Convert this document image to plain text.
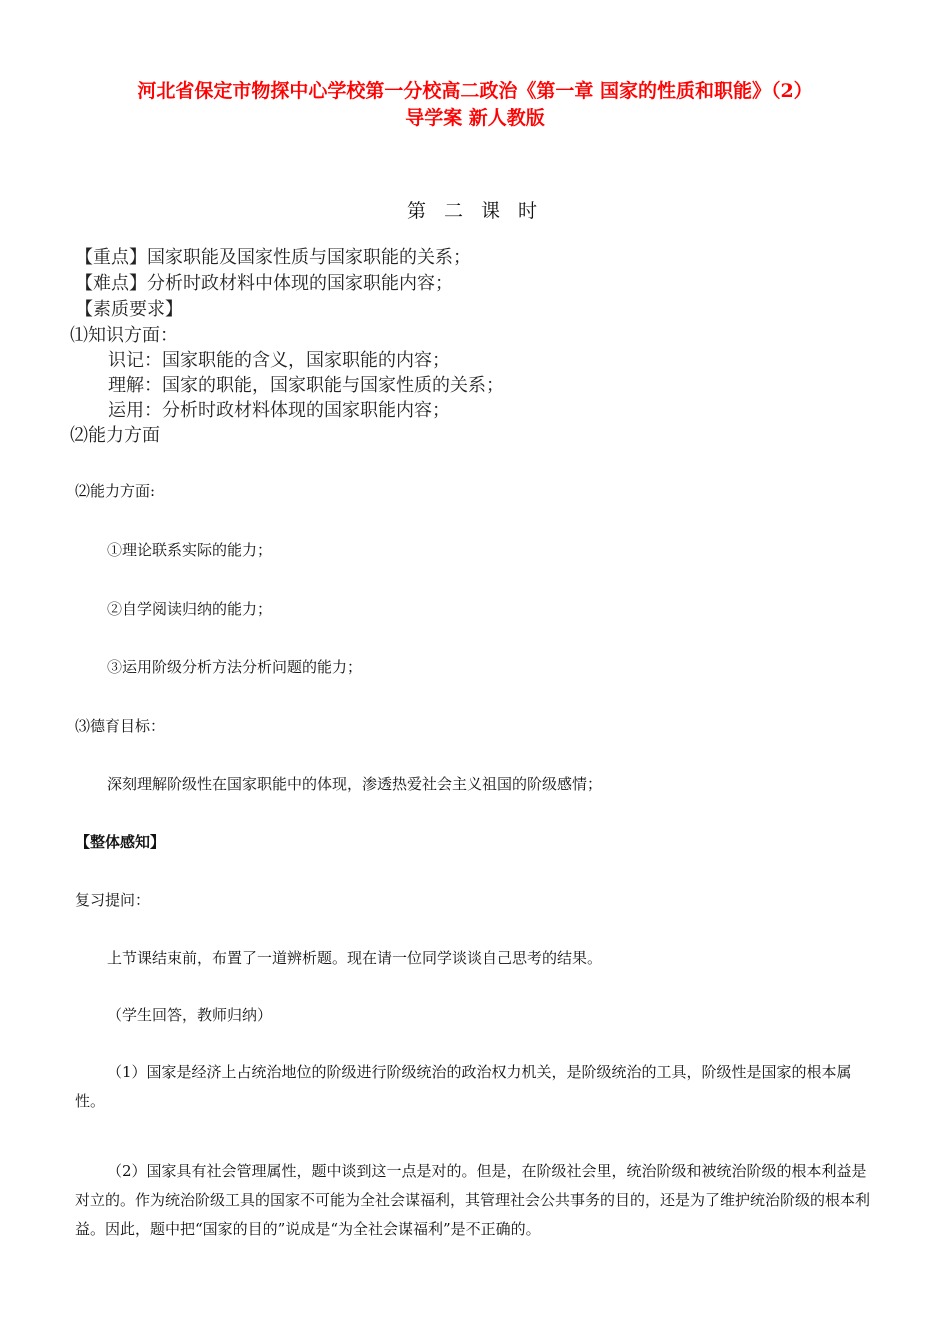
河北省保定市物探中心学校第一分校高二政治《第一章 国家的性质和职能》（2）
导学案 新人教版
第 二 课 时
【重点】国家职能及国家性质与国家职能的关系；
【难点】分析时政材料中体现的国家职能内容；
【素质要求】
⑴知识方面：
识记：国家职能的含义，国家职能的内容；
理解：国家的职能，国家职能与国家性质的关系；
运用：分析时政材料体现的国家职能内容；
⑵能力方面
⑵能力方面:
①理论联系实际的能力；
②自学阅读归纳的能力；
③运用阶级分析方法分析问题的能力；
⑶德育目标：
深刻理解阶级性在国家职能中的体现，渗透热爱社会主义祖国的阶级感情；
【整体感知】
复习提问：
上节课结束前，布置了一道辨析题。现在请一位同学谈谈自己思考的结果。
（学生回答，教师归纳）
（1）国家是经济上占统治地位的阶级进行阶级统治的政治权力机关，是阶级统治的工具，阶级性是国家的根本属性。
（2）国家具有社会管理属性，题中谈到这一点是对的。但是，在阶级社会里，统治阶级和被统治阶级的根本利益是对立的。作为统治阶级工具的国家不可能为全社会谋福利，其管理社会公共事务的目的，还是为了维护统治阶级的根本利益。因此，题中把“国家的目的”说成是“为全社会谋福利”是不正确的。
